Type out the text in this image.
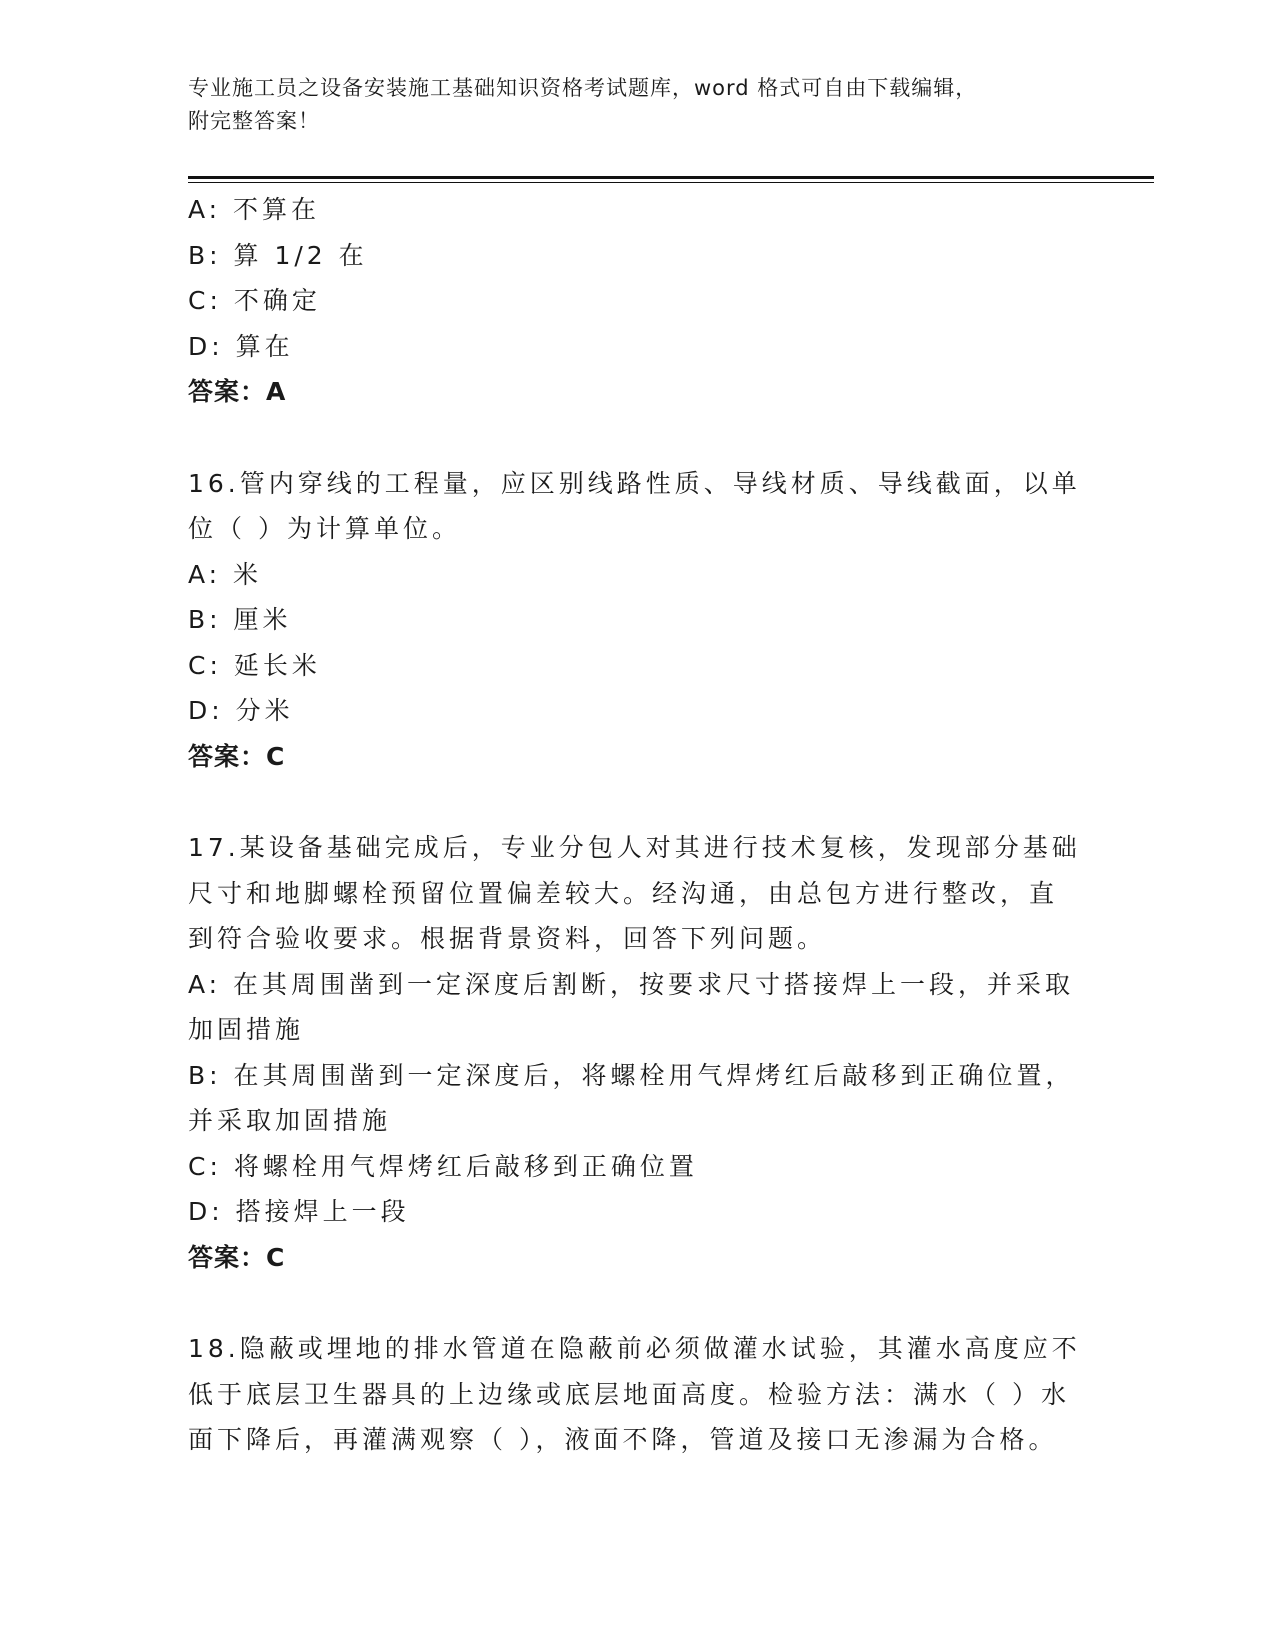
专业施工员之设备安装施工基础知识资格考试题库，word 格式可自由下载编辑，
附完整答案！
A: 不算在
B: 算 1/2 在
C: 不确定
D: 算在
答案：A
16.管内穿线的工程量，应区别线路性质、导线材质、导线截面，以单
位（ ）为计算单位。
A: 米
B: 厘米
C: 延长米
D: 分米
答案：C
17.某设备基础完成后，专业分包人对其进行技术复核，发现部分基础
尺寸和地脚螺栓预留位置偏差较大。经沟通，由总包方进行整改，直
到符合验收要求。根据背景资料，回答下列问题。
A: 在其周围凿到一定深度后割断，按要求尺寸搭接焊上一段，并采取
加固措施
B: 在其周围凿到一定深度后，将螺栓用气焊烤红后敲移到正确位置，
并采取加固措施
C: 将螺栓用气焊烤红后敲移到正确位置
D: 搭接焊上一段
答案：C
18.隐蔽或埋地的排水管道在隐蔽前必须做灌水试验，其灌水高度应不
低于底层卫生器具的上边缘或底层地面高度。检验方法：满水（ ）水
面下降后，再灌满观察（ ），液面不降，管道及接口无渗漏为合格。
